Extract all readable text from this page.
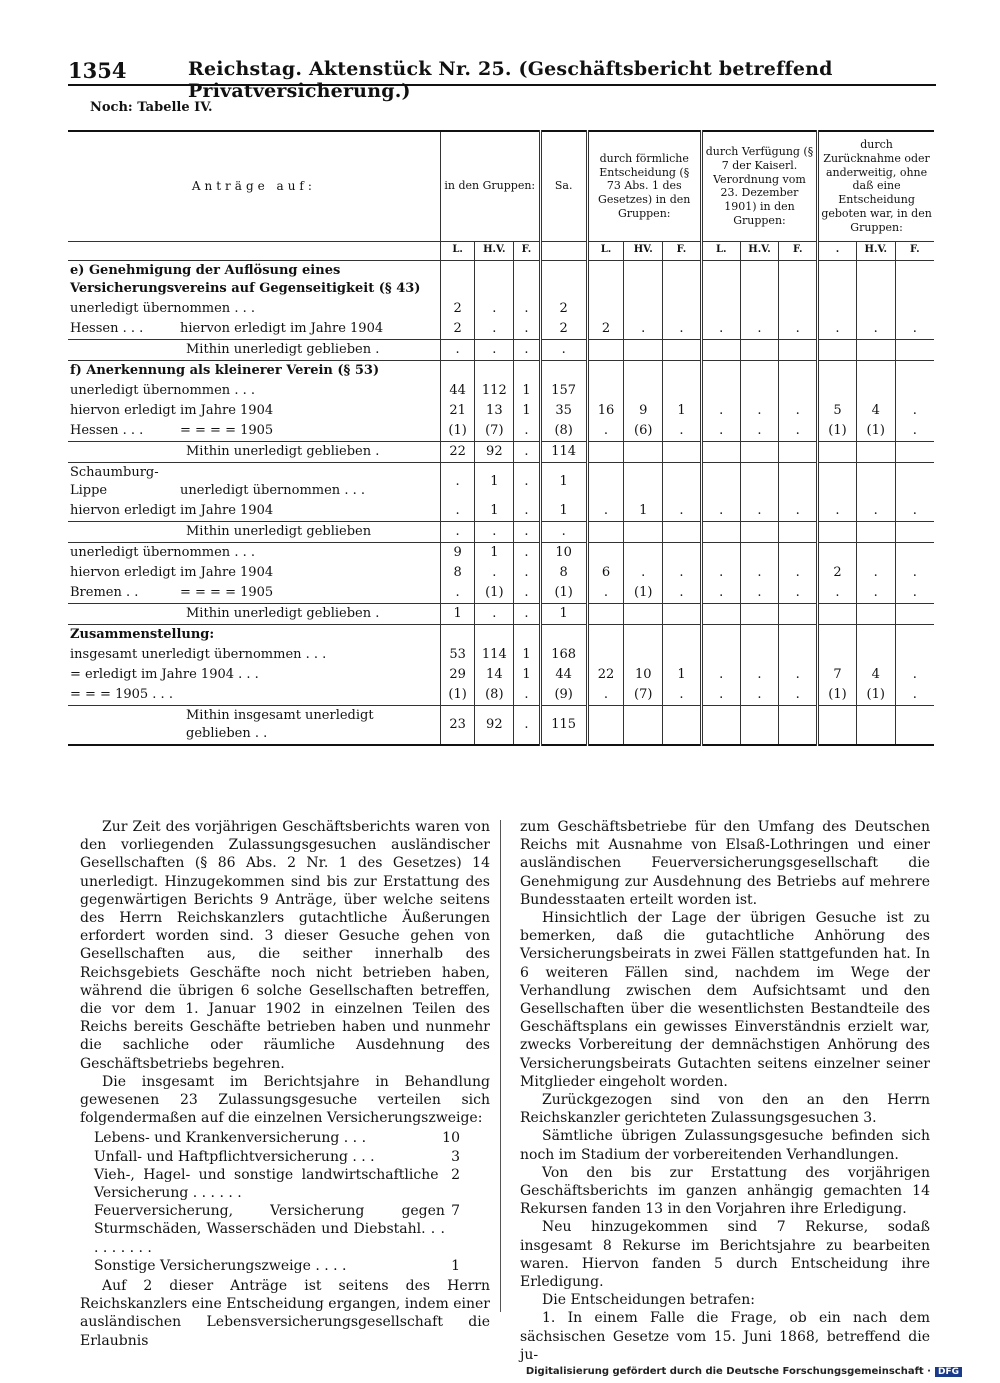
1354	Reichstag. Aktenstück Nr. 25. (Geschäftsbericht betreffend Privatversicherung.)
Noch: Tabelle IV.
Anträge auf:	in den Gruppen:			Sa.	durch förmliche Entscheidung (§ 73 Abs. 1 des Gesetzes) in den Gruppen:			durch Verfügung (§ 7 der Kaiserl. Verordnung vom 23. Dezember 1901) in den Gruppen:			durch Zurücknahme oder anderweitig, ohne daß eine Entscheidung geboten war, in den Gruppen:		
	L.	H.V.	F.		L.	HV.	F.	L.	H.V.	F.	.	H.V.	F.
e) Genehmigung der Auflösung eines Versicherungsvereins auf Gegenseitigkeit (§ 43)													
unerledigt übernommen . . .	2	.	.	2									
Hessen . . . hiervon erledigt im Jahre 1904	2	.	.	2	2	.	.	.	.	.	.	.	.
Mithin unerledigt geblieben .	.	.	.	.									
f) Anerkennung als kleinerer Verein (§ 53)													
unerledigt übernommen . . .	44	112	1	157									
hiervon erledigt im Jahre 1904	21	13	1	35	16	9	1	.	.	.	5	4	.
Hessen . . . = = = = 1905	(1)	(7)	.	(8)	.	(6)	.	.	.	.	(1)	(1)	.
Mithin unerledigt geblieben .	22	92	.	114									
Schaumburg-Lippe unerledigt übernommen . . .	.	1	.	1									
hiervon erledigt im Jahre 1904	.	1	.	1	.	1	.	.	.	.	.	.	.
Mithin unerledigt geblieben	.	.	.	.									
unerledigt übernommen . . .	9	1	.	10									
hiervon erledigt im Jahre 1904	8	.	.	8	6	.	.	.	.	.	2	.	.
Bremen . . = = = = 1905	.	(1)	.	(1)	.	(1)	.	.	.	.	.	.	.
Mithin unerledigt geblieben .	1	.	.	1									
Zusammenstellung:													
insgesamt unerledigt übernommen . . .	53	114	1	168									
= erledigt im Jahre 1904 . . .	29	14	1	44	22	10	1	.	.	.	7	4	.
= = = 1905 . . .	(1)	(8)	.	(9)	.	(7)	.	.	.	.	(1)	(1)	.
Mithin insgesamt unerledigt geblieben . .	23	92	.	115									

Zur Zeit des vorjährigen Geschäftsberichts waren von den vorliegenden Zulassungsgesuchen ausländischer Gesellschaften (§ 86 Abs. 2 Nr. 1 des Gesetzes) 14 unerledigt. Hinzugekommen sind bis zur Erstattung des gegenwärtigen Berichts 9 Anträge, über welche seitens des Herrn Reichskanzlers gutachtliche Äußerungen erfordert worden sind. 3 dieser Gesuche gehen von Gesellschaften aus, die seither innerhalb des Reichsgebiets Geschäfte noch nicht betrieben haben, während die übrigen 6 solche Gesellschaften betreffen, die vor dem 1. Januar 1902 in einzelnen Teilen des Reichs bereits Geschäfte betrieben haben und nunmehr die sachliche oder räumliche Ausdehnung des Geschäftsbetriebs begehren.

Die insgesamt im Berichtsjahre in Behandlung gewesenen 23 Zulassungsgesuche verteilen sich folgendermaßen auf die einzelnen Versicherungszweige:

Lebens- und Krankenversicherung . . .	10
Unfall- und Haftpflichtversicherung . . .	3
Vieh-, Hagel- und sonstige landwirtschaftliche Versicherung . . . . . .
2
Feuerversicherung, Versicherung gegen Sturmschäden, Wasserschäden und Diebstahl. . . . . . . . . .
7
Sonstige Versicherungszweige . . . .	1

Auf 2 dieser Anträge ist seitens des Herrn Reichskanzlers eine Entscheidung ergangen, indem einer ausländischen Lebensversicherungsgesellschaft die Erlaubnis

zum Geschäftsbetriebe für den Umfang des Deutschen Reichs mit Ausnahme von Elsaß-Lothringen und einer ausländischen Feuerversicherungsgesellschaft die Genehmigung zur Ausdehnung des Betriebs auf mehrere Bundesstaaten erteilt worden ist.

Hinsichtlich der Lage der übrigen Gesuche ist zu bemerken, daß die gutachtliche Anhörung des Versicherungsbeirats in zwei Fällen stattgefunden hat. In 6 weiteren Fällen sind, nachdem im Wege der Verhandlung zwischen dem Aufsichtsamt und den Gesellschaften über die wesentlichsten Bestandteile des Geschäftsplans ein gewisses Einverständnis erzielt war, zwecks Vorbereitung der demnächstigen Anhörung des Versicherungsbeirats Gutachten seitens einzelner seiner Mitglieder eingeholt worden.

Zurückgezogen sind von den an den Herrn Reichskanzler gerichteten Zulassungsgesuchen 3.

Sämtliche übrigen Zulassungsgesuche befinden sich noch im Stadium der vorbereitenden Verhandlungen.

Von den bis zur Erstattung des vorjährigen Geschäftsberichts im ganzen anhängig gemachten 14 Rekursen fanden 13 in den Vorjahren ihre Erledigung.

Neu hinzugekommen sind 7 Rekurse, sodaß insgesamt 8 Rekurse im Berichtsjahre zu bearbeiten waren. Hiervon fanden 5 durch Entscheidung ihre Erledigung.

Die Entscheidungen betrafen:

1. In einem Falle die Frage, ob ein nach dem sächsischen Gesetze vom 15. Juni 1868, betreffend die ju-

Digitalisierung gefördert durch die Deutsche Forschungsgemeinschaft · DFG
